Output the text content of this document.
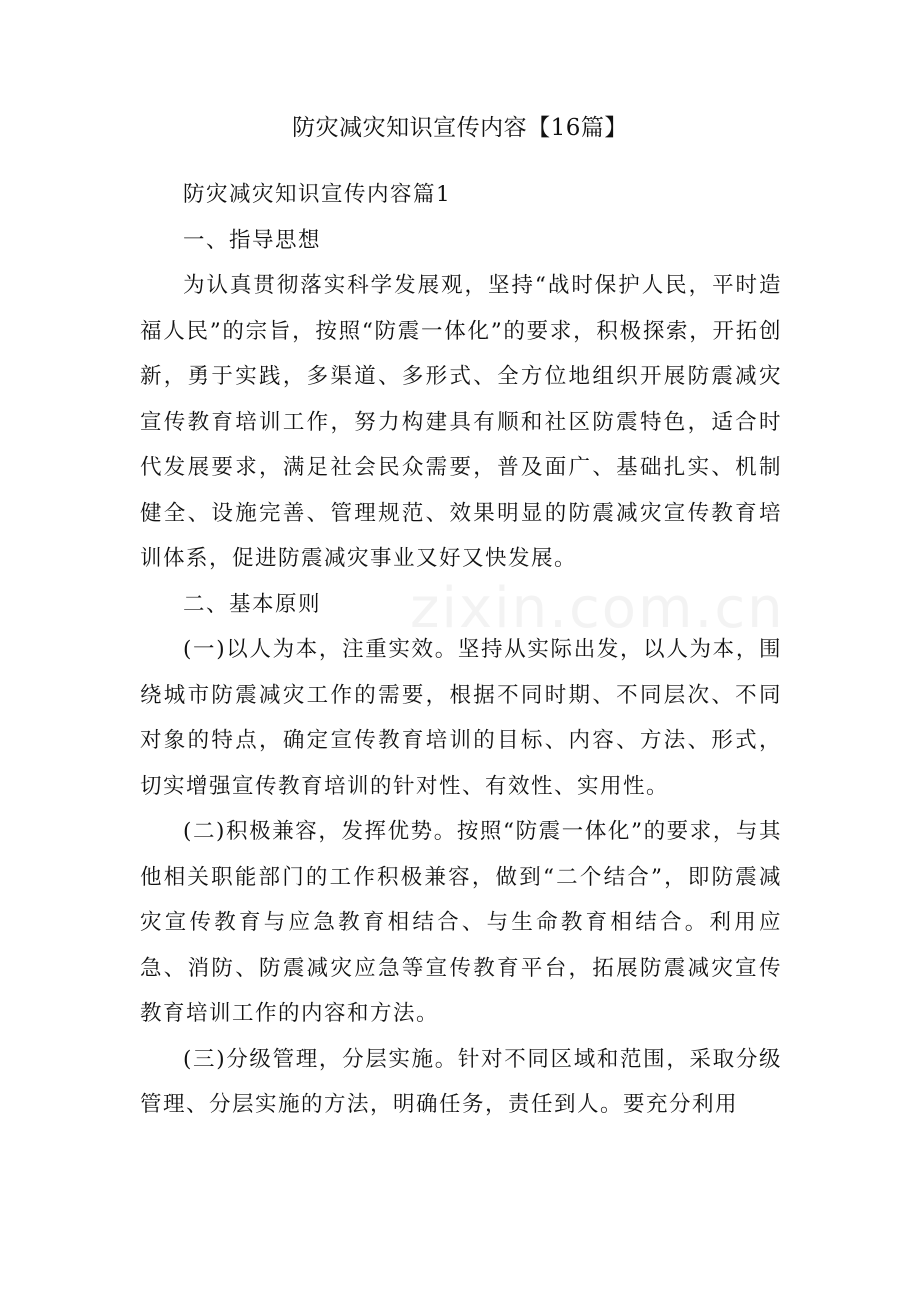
防灾减灾知识宣传内容【16篇】

防灾减灾知识宣传内容篇1

一、指导思想

为认真贯彻落实科学发展观，坚持“战时保护人民，平时造福人民”的宗旨，按照“防震一体化”的要求，积极探索，开拓创新，勇于实践，多渠道、多形式、全方位地组织开展防震减灾宣传教育培训工作，努力构建具有顺和社区防震特色，适合时代发展要求，满足社会民众需要，普及面广、基础扎实、机制健全、设施完善、管理规范、效果明显的防震减灾宣传教育培训体系，促进防震减灾事业又好又快发展。

二、基本原则

(一)以人为本，注重实效。坚持从实际出发，以人为本，围绕城市防震减灾工作的需要，根据不同时期、不同层次、不同对象的特点，确定宣传教育培训的目标、内容、方法、形式，切实增强宣传教育培训的针对性、有效性、实用性。

(二)积极兼容，发挥优势。按照“防震一体化”的要求，与其他相关职能部门的工作积极兼容，做到“二个结合”，即防震减灾宣传教育与应急教育相结合、与生命教育相结合。利用应急、消防、防震减灾应急等宣传教育平台，拓展防震减灾宣传教育培训工作的内容和方法。

(三)分级管理，分层实施。针对不同区域和范围，采取分级管理、分层实施的方法，明确任务，责任到人。要充分利用

zixin.com.cn
